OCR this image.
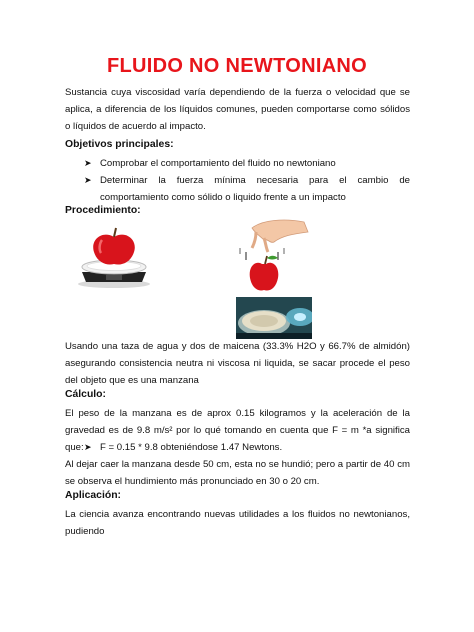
FLUIDO NO NEWTONIANO
Sustancia cuya viscosidad varía dependiendo de la fuerza o velocidad que se aplica, a diferencia de los líquidos comunes, pueden comportarse como sólidos o líquidos de acuerdo al impacto.
Objetivos principales:
➤ Comprobar el comportamiento del fluido no newtoniano
➤ Determinar la fuerza mínima necesaria para el cambio de comportamiento como sólido o liquido frente a un impacto
Procedimiento:
Usando una taza de agua y dos de maicena (33.3% H2O y 66.7% de almidón) asegurando consistencia neutra ni viscosa ni liquida, se sacar procede el peso del objeto que es una manzana
Cálculo:
El peso de la manzana es de aprox 0.15 kilogramos y la aceleración de la gravedad es de 9.8 m/s² por lo qué tomando en cuenta que F = m *a significa que: ➤ F = 0.15 * 9.8 obteniéndose 1.47 Newtons.
Al dejar caer la manzana desde 50 cm, esta no se hundió; pero a partir de 40 cm se observa el hundimiento más pronunciado en 30 o 20 cm.
Aplicación:
La ciencia avanza encontrando nuevas utilidades a los fluidos no newtonianos, pudiendo
